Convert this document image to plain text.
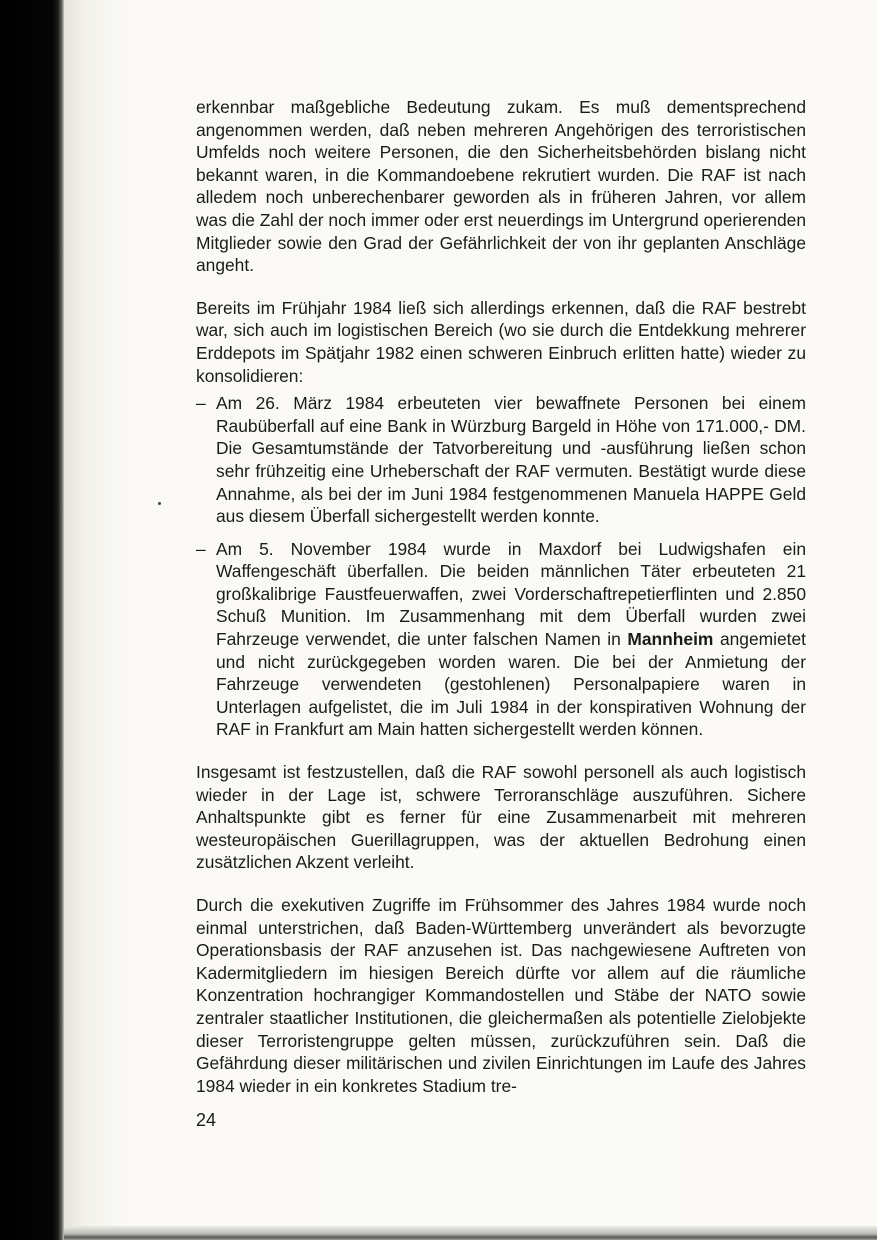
erkennbar maßgebliche Bedeutung zukam. Es muß dementsprechend angenommen werden, daß neben mehreren Angehörigen des terroristischen Umfelds noch weitere Personen, die den Sicherheitsbehörden bislang nicht bekannt waren, in die Kommandoebene rekrutiert wurden. Die RAF ist nach alledem noch unberechenbarer geworden als in früheren Jahren, vor allem was die Zahl der noch immer oder erst neuerdings im Untergrund operierenden Mitglieder sowie den Grad der Gefährlichkeit der von ihr geplanten Anschläge angeht.

Bereits im Frühjahr 1984 ließ sich allerdings erkennen, daß die RAF bestrebt war, sich auch im logistischen Bereich (wo sie durch die Entdekkung mehrerer Erddepots im Spätjahr 1982 einen schweren Einbruch erlitten hatte) wieder zu konsolidieren:

– Am 26. März 1984 erbeuteten vier bewaffnete Personen bei einem Raubüberfall auf eine Bank in Würzburg Bargeld in Höhe von 171.000,- DM. Die Gesamtumstände der Tatvorbereitung und -ausführung ließen schon sehr frühzeitig eine Urheberschaft der RAF vermuten. Bestätigt wurde diese Annahme, als bei der im Juni 1984 festgenommenen Manuela HAPPE Geld aus diesem Überfall sichergestellt werden konnte.
– Am 5. November 1984 wurde in Maxdorf bei Ludwigshafen ein Waffengeschäft überfallen. Die beiden männlichen Täter erbeuteten 21 großkalibrige Faustfeuerwaffen, zwei Vorderschaftrepetierflinten und 2.850 Schuß Munition. Im Zusammenhang mit dem Überfall wurden zwei Fahrzeuge verwendet, die unter falschen Namen in Mannheim angemietet und nicht zurückgegeben worden waren. Die bei der Anmietung der Fahrzeuge verwendeten (gestohlenen) Personalpapiere waren in Unterlagen aufgelistet, die im Juli 1984 in der konspirativen Wohnung der RAF in Frankfurt am Main hatten sichergestellt werden können.

Insgesamt ist festzustellen, daß die RAF sowohl personell als auch logistisch wieder in der Lage ist, schwere Terroranschläge auszuführen. Sichere Anhaltspunkte gibt es ferner für eine Zusammenarbeit mit mehreren westeuropäischen Guerillagruppen, was der aktuellen Bedrohung einen zusätzlichen Akzent verleiht.

Durch die exekutiven Zugriffe im Frühsommer des Jahres 1984 wurde noch einmal unterstrichen, daß Baden-Württemberg unverändert als bevorzugte Operationsbasis der RAF anzusehen ist. Das nachgewiesene Auftreten von Kadermitgliedern im hiesigen Bereich dürfte vor allem auf die räumliche Konzentration hochrangiger Kommandostellen und Stäbe der NATO sowie zentraler staatlicher Institutionen, die gleichermaßen als potentielle Zielobjekte dieser Terroristengruppe gelten müssen, zurückzuführen sein. Daß die Gefährdung dieser militärischen und zivilen Einrichtungen im Laufe des Jahres 1984 wieder in ein konkretes Stadium tre-

24
